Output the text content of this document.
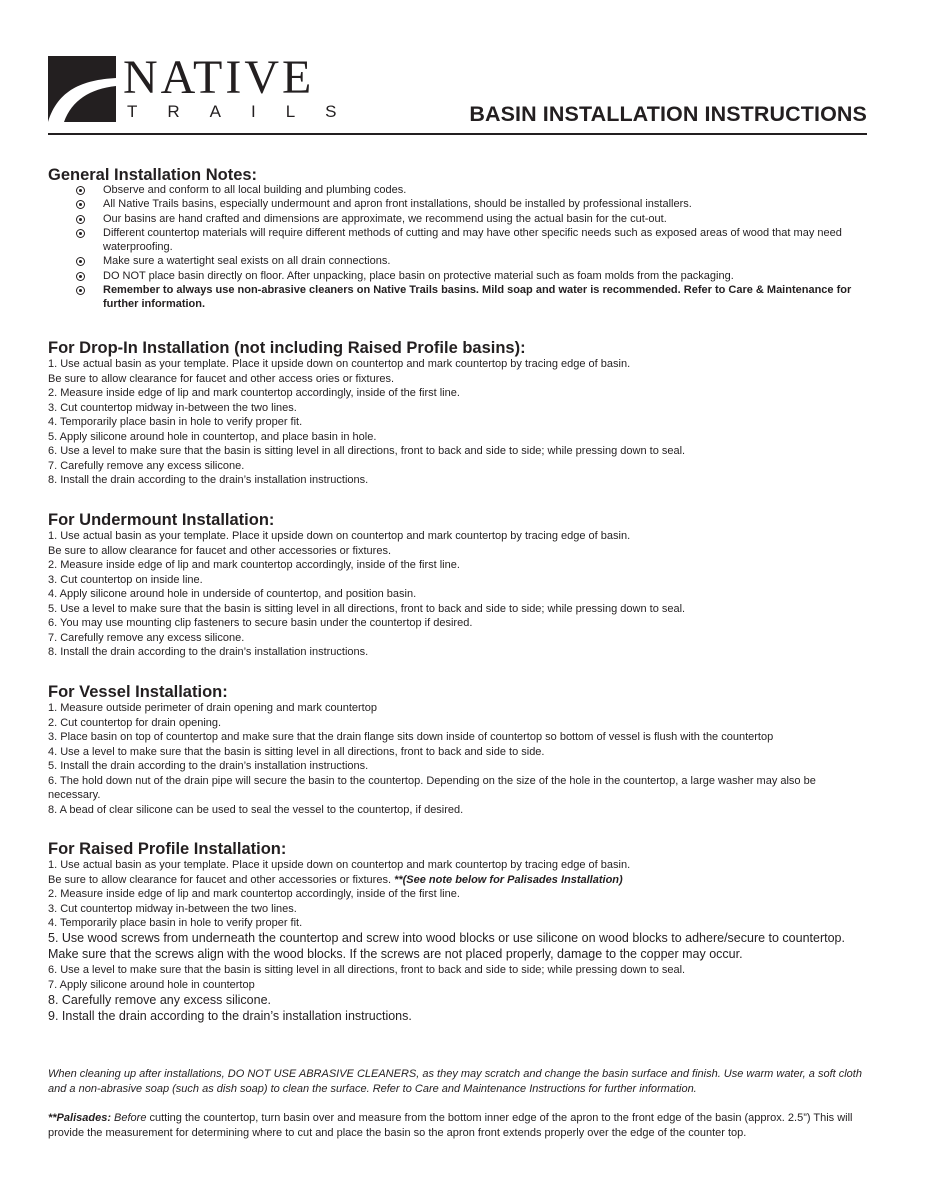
NATIVE
TRAILS	BASIN INSTALLATION INSTRUCTIONS
General Installation Notes:
Observe and conform to all local building and plumbing codes.
All Native Trails basins, especially undermount and apron front installations, should be installed by professional installers.
Our basins are hand crafted and dimensions are approximate, we recommend using the actual basin for the cut-out.
Different countertop materials will require different methods of cutting and may have other specific needs such as exposed areas of wood that may need waterproofing.
Make sure a watertight seal exists on all drain connections.
DO NOT place basin directly on floor. After unpacking, place basin on protective material such as foam molds from the packaging.
Remember to always use non-abrasive cleaners on Native Trails basins. Mild soap and water is recommended. Refer to Care & Maintenance for further information.
For Drop-In Installation (not including Raised Profile basins):
1. Use actual basin as your template. Place it upside down on countertop and mark countertop by tracing edge of basin.
Be sure to allow clearance for faucet and other access ories or fixtures.
2. Measure inside edge of lip and mark countertop accordingly, inside of the first line.
3. Cut countertop midway in-between the two lines.
4. Temporarily place basin in hole to verify proper fit.
5. Apply silicone around hole in countertop, and place basin in hole.
6. Use a level to make sure that the basin is sitting level in all directions, front to back and side to side; while pressing down to seal.
7. Carefully remove any excess silicone.
8. Install the drain according to the drain’s installation instructions.
For Undermount Installation:
1. Use actual basin as your template. Place it upside down on countertop and mark countertop by tracing edge of basin.
Be sure to allow clearance for faucet and other accessories or fixtures.
2. Measure inside edge of lip and mark countertop accordingly, inside of the first line.
3. Cut countertop on inside line.
4. Apply silicone around hole in underside of countertop, and position basin.
5. Use a level to make sure that the basin is sitting level in all directions, front to back and side to side; while pressing down to seal.
6. You may use mounting clip fasteners to secure basin under the countertop if desired.
7. Carefully remove any excess silicone.
8. Install the drain according to the drain’s installation instructions.
For Vessel Installation:
1. Measure outside perimeter of drain opening and mark countertop
2. Cut countertop for drain opening.
3. Place basin on top of countertop and make sure that the drain flange sits down inside of countertop so bottom of vessel is flush with the countertop
4. Use a level to make sure that the basin is sitting level in all directions, front to back and side to side.
5. Install the drain according to the drain’s installation instructions.
6. The hold down nut of the drain pipe will secure the basin to the countertop. Depending on the size of the hole in the countertop, a large washer may also be necessary.
8. A bead of clear silicone can be used to seal the vessel to the countertop, if desired.
For Raised Profile Installation:
1. Use actual basin as your template. Place it upside down on countertop and mark countertop by tracing edge of basin.
Be sure to allow clearance for faucet and other accessories or fixtures. **(See note below for Palisades Installation)
2. Measure inside edge of lip and mark countertop accordingly, inside of the first line.
3. Cut countertop midway in-between the two lines.
4. Temporarily place basin in hole to verify proper fit.
5. Use wood screws from underneath the countertop and screw into wood blocks or use silicone on wood blocks to adhere/secure to countertop. Make sure that the screws align with the wood blocks. If the screws are not placed properly, damage to the copper may occur.
6. Use a level to make sure that the basin is sitting level in all directions, front to back and side to side; while pressing down to seal.
7. Apply silicone around hole in countertop
8. Carefully remove any excess silicone.
9. Install the drain according to the drain’s installation instructions.
When cleaning up after installations, DO NOT USE ABRASIVE CLEANERS, as they may scratch and change the basin surface and finish. Use warm water, a soft cloth and a non-abrasive soap (such as dish soap) to clean the surface. Refer to Care and Maintenance Instructions for further information.
**Palisades: Before cutting the countertop, turn basin over and measure from the bottom inner edge of the apron to the front edge of the basin (approx. 2.5”) This will provide the measurement for determining where to cut and place the basin so the apron front extends properly over the edge of the counter top.
